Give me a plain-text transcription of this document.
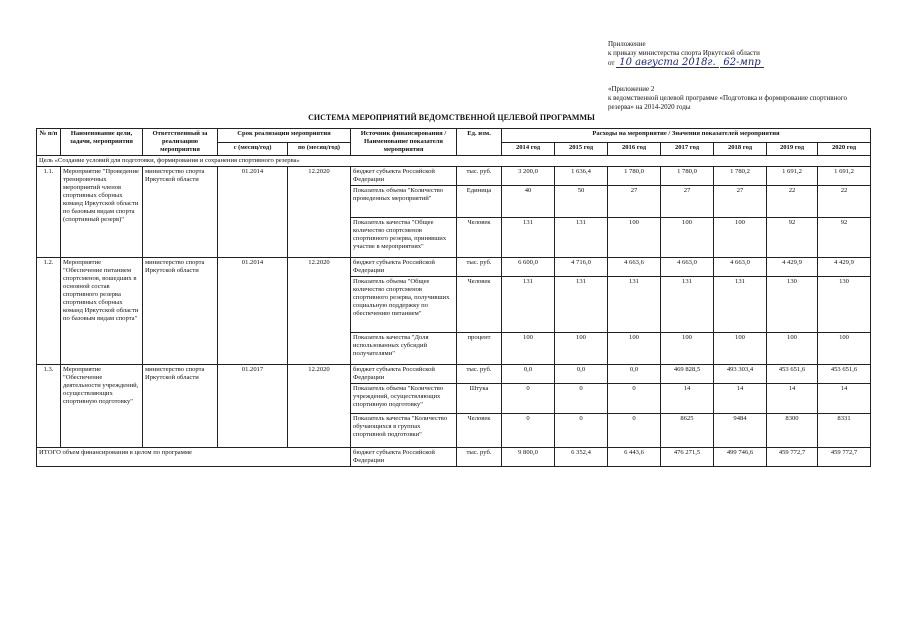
Приложение
к приказу министерства спорта Иркутской области
от 10 августа 2018г. 62-мпр
«Приложение 2
к ведомственной целевой программе «Подготовка и формирование спортивного
резерва» на 2014-2020 годы
СИСТЕМА МЕРОПРИЯТИЙ ВЕДОМСТВЕННОЙ ЦЕЛЕВОЙ ПРОГРАММЫ
№ п/п	Наименование цели, задачи, мероприятия	Ответственный за реализацию мероприятия	Срок реализации мероприятия		Источник финансирования / Наименование показателя мероприятия	Ед. изм.	Расходы на мероприятие / Значения показателей мероприятия						
			с (месяц/год)	по (месяц/год)			2014 год	2015 год	2016 год	2017 год	2018 год	2019 год	2020 год
Цель «Создание условий для подготовки, формирования и сохранения спортивного резерва»													
1.1.	Мероприятие "Проведение тренировочных мероприятий членов спортивных сборных команд Иркутской области по базовым видам спорта (спортивный резерв)"	министерство спорта Иркутской области	01.2014	12.2020	бюджет субъекта Российской Федерации	тыс. руб.	3 200,0	1 636,4	1 780,0	1 780,0	1 780,2	1 691,2	1 691,2
					Показатель объема "Количество проведенных мероприятий"	Единица	40	50	27	27	27	22	22
					Показатель качества "Общее количество спортсменов спортивного резерва, принявших участие в мероприятиях"	Человек	131	131	100	100	100	92	92
1.2.	Мероприятие "Обеспечение питанием спортсменов, вошедших в основной состав спортивного резерва спортивных сборных команд Иркутской области по базовым видам спорта"	министерство спорта Иркутской области	01.2014	12.2020	бюджет субъекта Российской Федерации	тыс. руб.	6 600,0	4 716,0	4 663,6	4 663,0	4 663,0	4 429,9	4 429,9
					Показатель объема "Общее количество спортсменов спортивного резерва, получивших социальную поддержку по обеспечению питанием"	Человек	131	131	131	131	131	130	130
					Показатель качества "Доля использованных субсидий получателями"	процент	100	100	100	100	100	100	100
1.3.	Мероприятие "Обеспечение деятельности учреждений, осуществляющих спортивную подготовку"	министерство спорта Иркутской области	01.2017	12.2020	бюджет субъекта Российской Федерации	тыс. руб.	0,0	0,0	0,0	469 828,5	493 303,4	453 651,6	453 651,6
					Показатель объема "Количество учреждений, осуществляющих спортивную подготовку"	Штука	0	0	0	14	14	14	14
					Показатель качества "Количество обучающихся в группах спортивной подготовки"	Человек	0	0	0	8625	9484	8300	8331
ИТОГО объем финансирования в целом по программе					бюджет субъекта Российской Федерации	тыс. руб.	9 800,0	6 352,4	6 443,6	476 271,5	499 746,6	459 772,7	459 772,7
